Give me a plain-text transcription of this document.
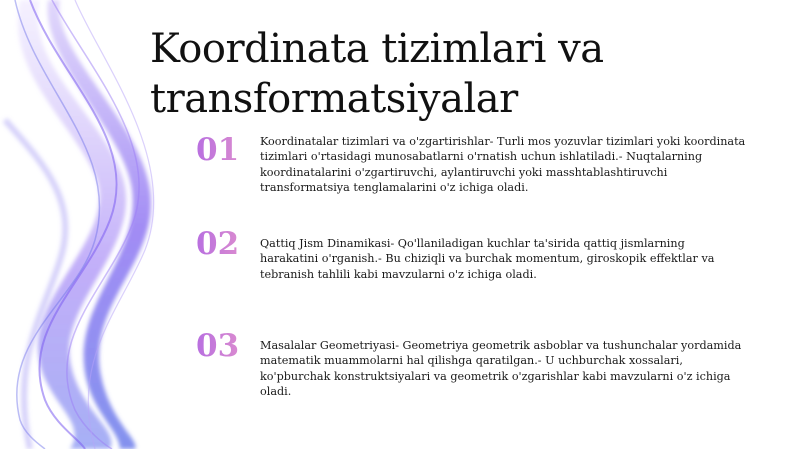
Koordinata tizimlari va transformatsiyalar
01 Koordinatalar tizimlari va o'zgartirishlar- Turli mos yozuvlar tizimlari yoki koordinata tizimlari o'rtasidagi munosabatlarni o'rnatish uchun ishlatiladi.- Nuqtalarning koordinatalarini o'zgartiruvchi, aylantiruvchi yoki masshtablashtiruvchi transformatsiya tenglamalarini o'z ichiga oladi.

02 Qattiq Jism Dinamikasi- Qo'llaniladigan kuchlar ta'sirida qattiq jismlarning harakatini o'rganish.- Bu chiziqli va burchak momentum, giroskopik effektlar va tebranish tahlili kabi mavzularni o'z ichiga oladi.

03 Masalalar Geometriyasi- Geometriya geometrik asboblar va tushunchalar yordamida matematik muammolarni hal qilishga qaratilgan.- U uchburchak xossalari, ko'pburchak konstruktsiyalari va geometrik o'zgarishlar kabi mavzularni o'z ichiga oladi.
